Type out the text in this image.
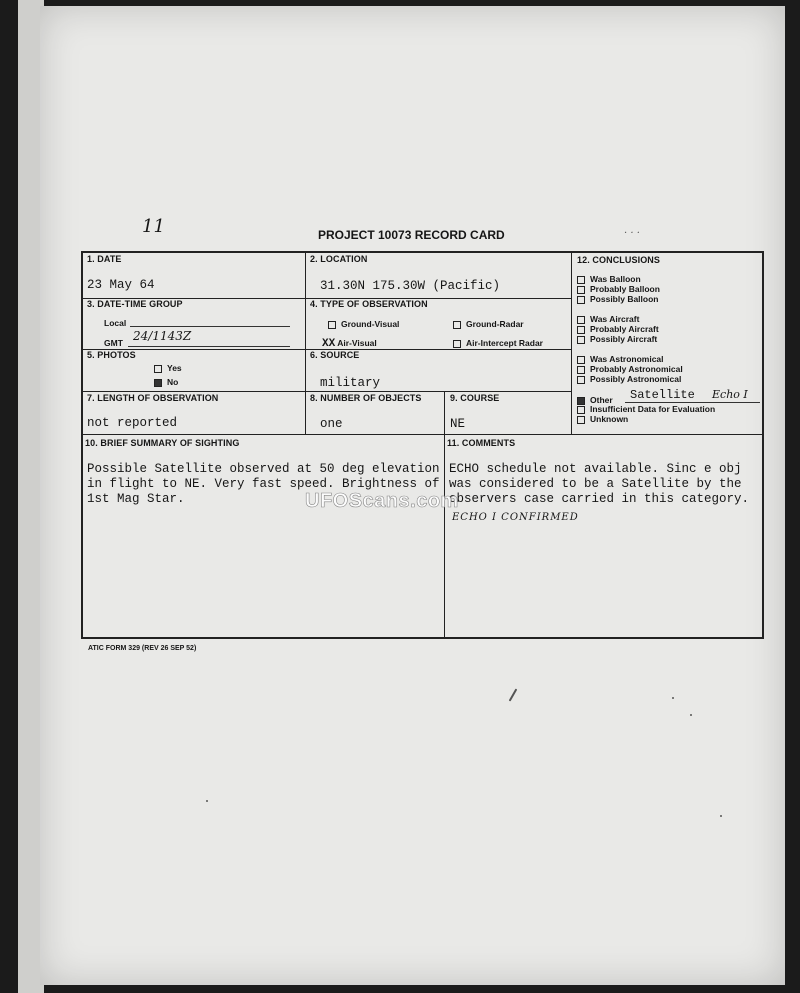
11	PROJECT 10073 RECORD CARD	· · ·
1. DATE
23 May 64
2. LOCATION
31.30N 175.30W (Pacific)
3. DATE-TIME GROUP
Local
GMT 24/1143Z
4. TYPE OF OBSERVATION
Ground-Visual	Ground-Radar
XX Air-Visual	Air-Intercept Radar
5. PHOTOS
Yes
No
6. SOURCE
military
7. LENGTH OF OBSERVATION
not reported
8. NUMBER OF OBJECTS
one
9. COURSE
NE
12. CONCLUSIONS
Was Balloon
Probably Balloon
Possibly Balloon
Was Aircraft
Probably Aircraft
Possibly Aircraft
Was Astronomical
Probably Astronomical
Possibly Astronomical
Other Satellite Echo I
Insufficient Data for Evaluation
Unknown
10. BRIEF SUMMARY OF SIGHTING
Possible Satellite observed at 50 deg elevation
in flight to NE. Very fast speed. Brightness of
1st Mag Star.
11. COMMENTS
ECHO schedule not available. Sinc e obj
was considered to be a Satellite by the
observers case carried in this category.
ECHO I CONFIRMED
UFOScans.com
ATIC FORM 329 (REV 26 SEP 52)
